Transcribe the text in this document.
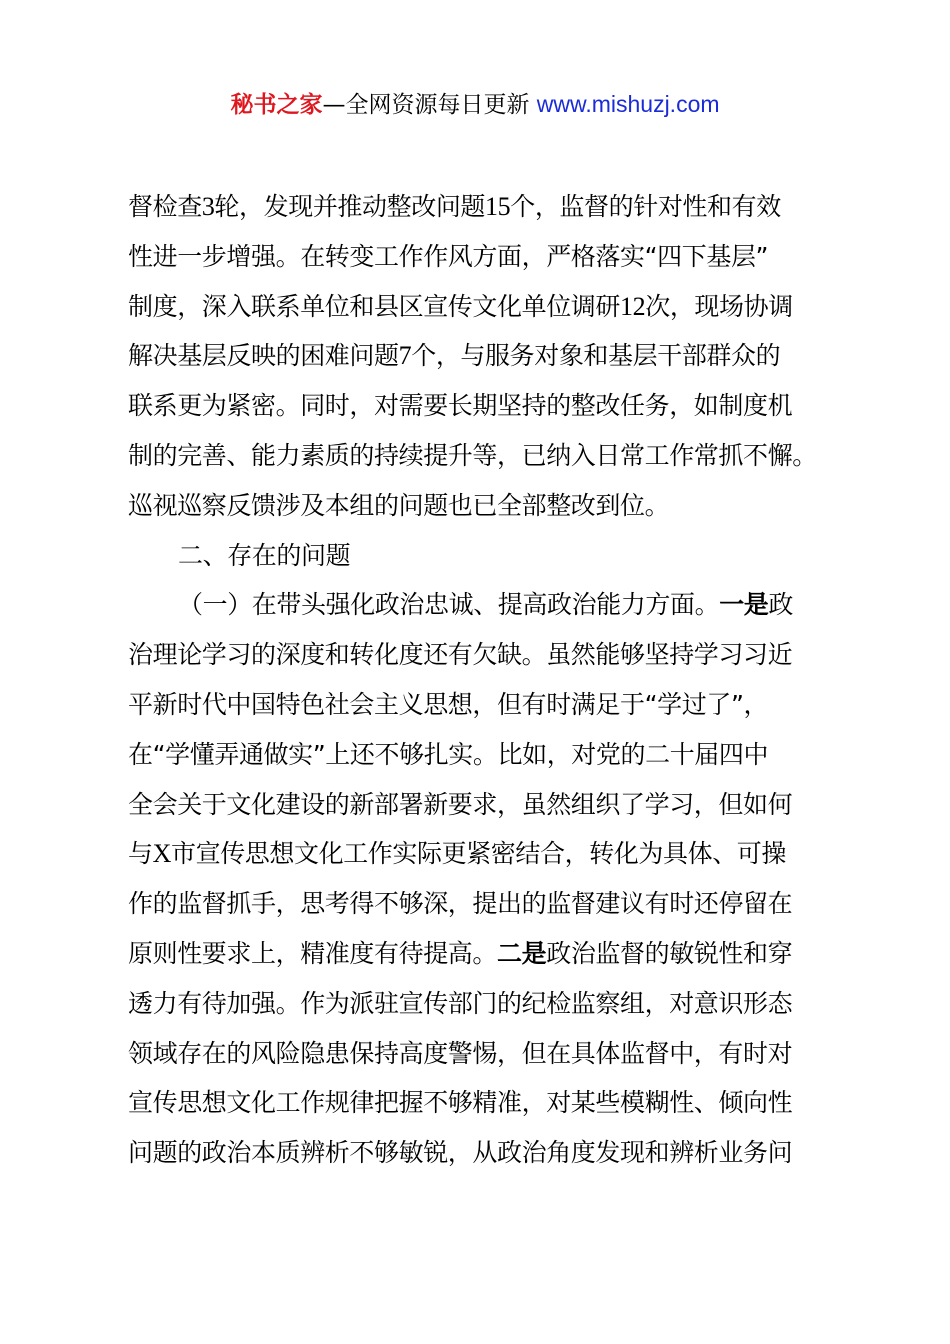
秘书之家—全网资源每日更新 www.mishuzj.com
督检查3轮，发现并推动整改问题15个，监督的针对性和有效
性进一步增强。在转变工作作风方面，严格落实“四下基层”
制度，深入联系单位和县区宣传文化单位调研12次，现场协调
解决基层反映的困难问题7个，与服务对象和基层干部群众的
联系更为紧密。同时，对需要长期坚持的整改任务，如制度机
制的完善、能力素质的持续提升等，已纳入日常工作常抓不懈。
巡视巡察反馈涉及本组的问题也已全部整改到位。
二、存在的问题
（一）在带头强化政治忠诚、提高政治能力方面。一是政
治理论学习的深度和转化度还有欠缺。虽然能够坚持学习习近
平新时代中国特色社会主义思想，但有时满足于“学过了”，
在“学懂弄通做实”上还不够扎实。比如，对党的二十届四中
全会关于文化建设的新部署新要求，虽然组织了学习，但如何
与X市宣传思想文化工作实际更紧密结合，转化为具体、可操
作的监督抓手，思考得不够深，提出的监督建议有时还停留在
原则性要求上，精准度有待提高。二是政治监督的敏锐性和穿
透力有待加强。作为派驻宣传部门的纪检监察组，对意识形态
领域存在的风险隐患保持高度警惕，但在具体监督中，有时对
宣传思想文化工作规律把握不够精准，对某些模糊性、倾向性
问题的政治本质辨析不够敏锐，从政治角度发现和辨析业务问
